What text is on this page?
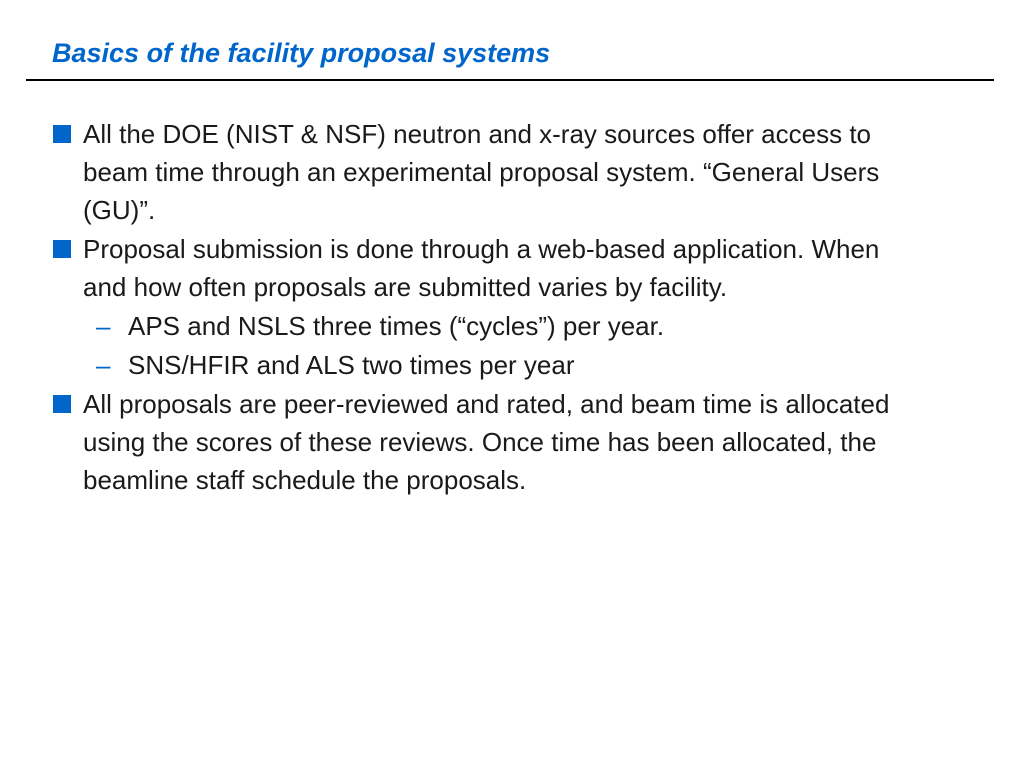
Basics of the facility proposal systems
All the DOE (NIST & NSF) neutron and x-ray sources offer access to beam time through an experimental proposal system. “General Users (GU)”.
Proposal submission is done through a web-based application. When and how often proposals are submitted varies by facility.
– APS and NSLS three times (“cycles”) per year.
– SNS/HFIR and ALS two times per year
All proposals are peer-reviewed and rated, and beam time is allocated using the scores of these reviews. Once time has been allocated, the beamline staff schedule the proposals.
